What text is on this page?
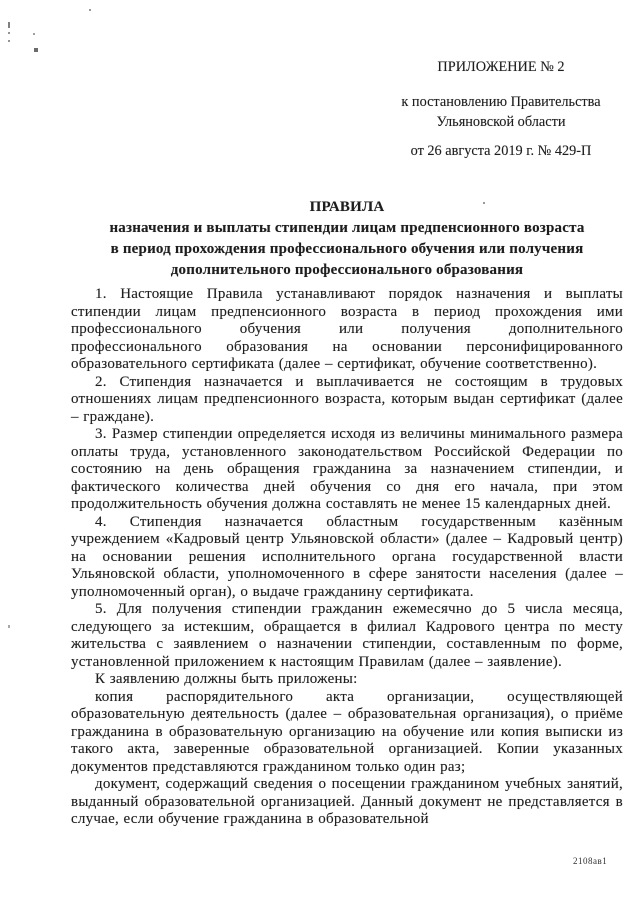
ПРИЛОЖЕНИЕ № 2
к постановлению Правительства
Ульяновской области
от 26 августа 2019 г. № 429-П
ПРАВИЛА
назначения и выплаты стипендии лицам предпенсионного возраста
в период прохождения профессионального обучения или получения
дополнительного профессионального образования

1. Настоящие Правила устанавливают порядок назначения и выплаты стипендии лицам предпенсионного возраста в период прохождения ими профессионального обучения или получения дополнительного профессионального образования на основании персонифицированного образовательного сертификата (далее – сертификат, обучение соответственно).

2. Стипендия назначается и выплачивается не состоящим в трудовых отношениях лицам предпенсионного возраста, которым выдан сертификат (далее – граждане).

3. Размер стипендии определяется исходя из величины минимального размера оплаты труда, установленного законодательством Российской Федерации по состоянию на день обращения гражданина за назначением стипендии, и фактического количества дней обучения со дня его начала, при этом продолжительность обучения должна составлять не менее 15 календарных дней.

4. Стипендия назначается областным государственным казённым учреждением «Кадровый центр Ульяновской области» (далее – Кадровый центр) на основании решения исполнительного органа государственной власти Ульяновской области, уполномоченного в сфере занятости населения (далее – уполномоченный орган), о выдаче гражданину сертификата.

5. Для получения стипендии гражданин ежемесячно до 5 числа месяца, следующего за истекшим, обращается в филиал Кадрового центра по месту жительства с заявлением о назначении стипендии, составленным по форме, установленной приложением к настоящим Правилам (далее – заявление).

К заявлению должны быть приложены:

копия распорядительного акта организации, осуществляющей образовательную деятельность (далее – образовательная организация), о приёме гражданина в образовательную организацию на обучение или копия выписки из такого акта, заверенные образовательной организацией. Копии указанных документов представляются гражданином только один раз;

документ, содержащий сведения о посещении гражданином учебных занятий, выданный образовательной организацией. Данный документ не представляется в случае, если обучение гражданина в образовательной

2108ав1
